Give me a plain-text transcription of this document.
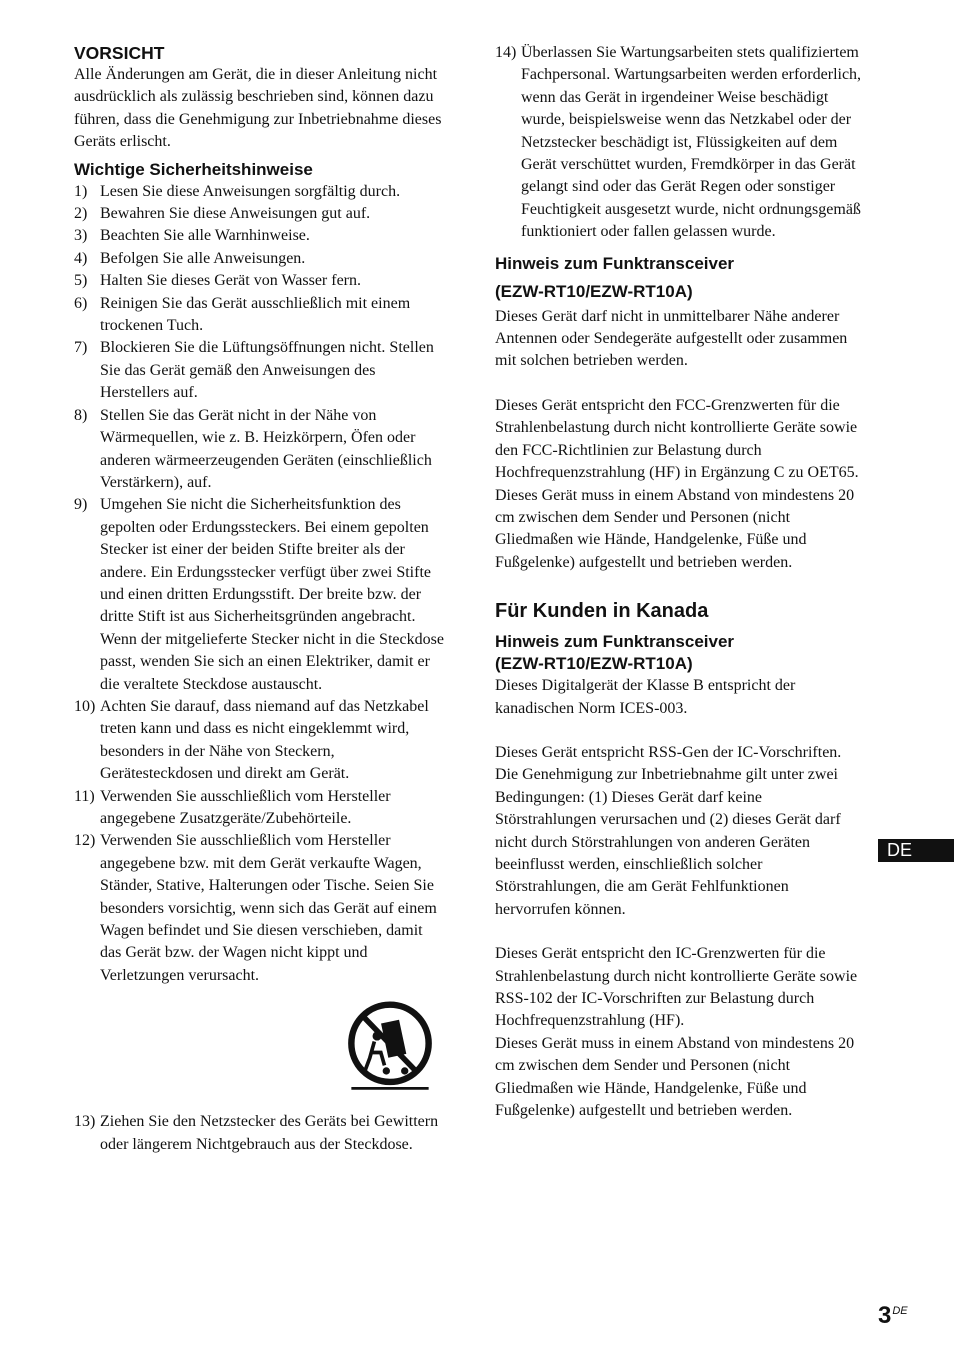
VORSICHT

Alle Änderungen am Gerät, die in dieser Anleitung nicht ausdrücklich als zulässig beschrieben sind, können dazu führen, dass die Genehmigung zur Inbetriebnahme dieses Geräts erlischt.

Wichtige Sicherheitshinweise
1) Lesen Sie diese Anweisungen sorgfältig durch.
2) Bewahren Sie diese Anweisungen gut auf.
3) Beachten Sie alle Warnhinweise.
4) Befolgen Sie alle Anweisungen.
5) Halten Sie dieses Gerät von Wasser fern.
6) Reinigen Sie das Gerät ausschließlich mit einem trockenen Tuch.
7) Blockieren Sie die Lüftungsöffnungen nicht. Stellen Sie das Gerät gemäß den Anweisungen des Herstellers auf.
8) Stellen Sie das Gerät nicht in der Nähe von Wärmequellen, wie z. B. Heizkörpern, Öfen oder anderen wärmeerzeugenden Geräten (einschließlich Verstärkern), auf.
9) Umgehen Sie nicht die Sicherheitsfunktion des gepolten oder Erdungssteckers. Bei einem gepolten Stecker ist einer der beiden Stifte breiter als der andere. Ein Erdungsstecker verfügt über zwei Stifte und einen dritten Erdungsstift. Der breite bzw. der dritte Stift ist aus Sicherheitsgründen angebracht. Wenn der mitgelieferte Stecker nicht in die Steckdose passt, wenden Sie sich an einen Elektriker, damit er die veraltete Steckdose austauscht.
10) Achten Sie darauf, dass niemand auf das Netzkabel treten kann und dass es nicht eingeklemmt wird, besonders in der Nähe von Steckern, Gerätesteckdosen und direkt am Gerät.
11) Verwenden Sie ausschließlich vom Hersteller angegebene Zusatzgeräte/Zubehörteile.
12) Verwenden Sie ausschließlich vom Hersteller angegebene bzw. mit dem Gerät verkaufte Wagen, Ständer, Stative, Halterungen oder Tische. Seien Sie besonders vorsichtig, wenn sich das Gerät auf einem Wagen befindet und Sie diesen verschieben, damit das Gerät bzw. der Wagen nicht kippt und Verletzungen verursacht.
13) Ziehen Sie den Netzstecker des Geräts bei Gewittern oder längerem Nichtgebrauch aus der Steckdose.
14) Überlassen Sie Wartungsarbeiten stets qualifiziertem Fachpersonal. Wartungsarbeiten werden erforderlich, wenn das Gerät in irgendeiner Weise beschädigt wurde, beispielsweise wenn das Netzkabel oder der Netzstecker beschädigt ist, Flüssigkeiten auf dem Gerät verschüttet wurden, Fremdkörper in das Gerät gelangt sind oder das Gerät Regen oder sonstiger Feuchtigkeit ausgesetzt wurde, nicht ordnungsgemäß funktioniert oder fallen gelassen wurde.
Hinweis zum Funktransceiver
(EZW-RT10/EZW-RT10A)

Dieses Gerät darf nicht in unmittelbarer Nähe anderer Antennen oder Sendegeräte aufgestellt oder zusammen mit solchen betrieben werden.

Dieses Gerät entspricht den FCC-Grenzwerten für die Strahlenbelastung durch nicht kontrollierte Geräte sowie den FCC-Richtlinien zur Belastung durch Hochfrequenzstrahlung (HF) in Ergänzung C zu OET65.

Dieses Gerät muss in einem Abstand von mindestens 20 cm zwischen dem Sender und Personen (nicht Gliedmaßen wie Hände, Handgelenke, Füße und Fußgelenke) aufgestellt und betrieben werden.

Für Kunden in Kanada
Hinweis zum Funktransceiver
(EZW-RT10/EZW-RT10A)

Dieses Digitalgerät der Klasse B entspricht der kanadischen Norm ICES-003.

Dieses Gerät entspricht RSS-Gen der IC-Vorschriften.

Die Genehmigung zur Inbetriebnahme gilt unter zwei Bedingungen: (1) Dieses Gerät darf keine Störstrahlungen verursachen und (2) dieses Gerät darf nicht durch Störstrahlungen von anderen Geräten beeinflusst werden, einschließlich solcher Störstrahlungen, die am Gerät Fehlfunktionen hervorrufen können.

Dieses Gerät entspricht den IC-Grenzwerten für die Strahlenbelastung durch nicht kontrollierte Geräte sowie RSS-102 der IC-Vorschriften zur Belastung durch Hochfrequenzstrahlung (HF).

Dieses Gerät muss in einem Abstand von mindestens 20 cm zwischen dem Sender und Personen (nicht Gliedmaßen wie Hände, Handgelenke, Füße und Fußgelenke) aufgestellt und betrieben werden.

DE
3DE
